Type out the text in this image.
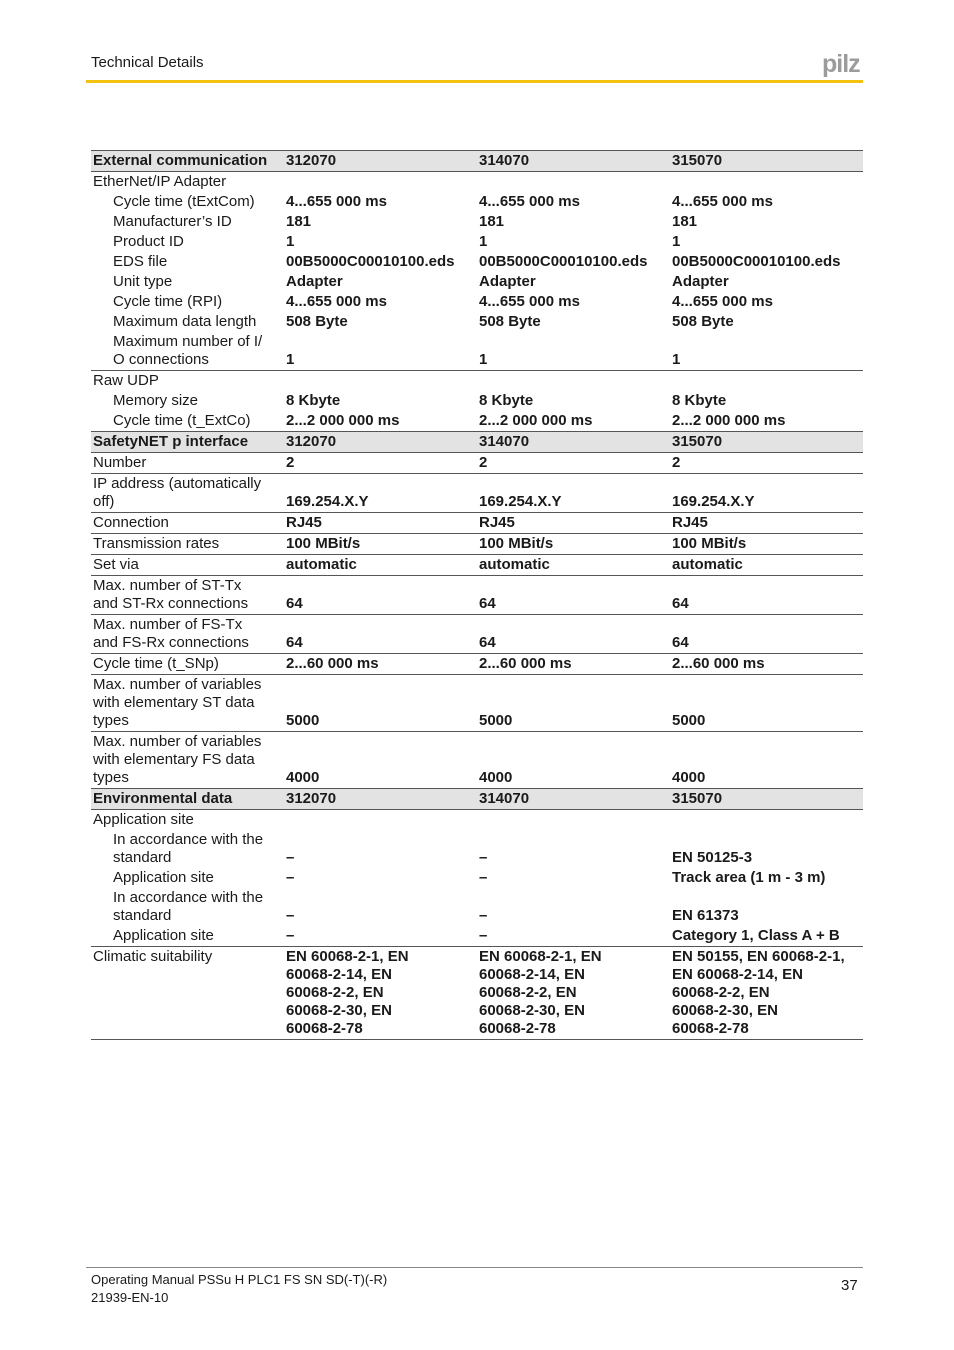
Technical Details	pilz
External communication	312070	314070	315070
EtherNet/IP Adapter			
Cycle time (tExtCom)	4...655 000 ms	4...655 000 ms	4...655 000 ms
Manufacturer’s ID	181	181	181
Product ID	1	1	1
EDS file	00B5000C00010100.eds	00B5000C00010100.eds	00B5000C00010100.eds
Unit type	Adapter	Adapter	Adapter
Cycle time (RPI)	4...655 000 ms	4...655 000 ms	4...655 000 ms
Maximum data length	508 Byte	508 Byte	508 Byte
Maximum number of I/
O connections	1	1	1
Raw UDP			
Memory size	8 Kbyte	8 Kbyte	8 Kbyte
Cycle time (t_ExtCo)	2...2 000 000 ms	2...2 000 000 ms	2...2 000 000 ms
SafetyNET p interface	312070	314070	315070
Number	2	2	2
IP address (automatically
off)	169.254.X.Y	169.254.X.Y	169.254.X.Y
Connection	RJ45	RJ45	RJ45
Transmission rates	100 MBit/s	100 MBit/s	100 MBit/s
Set via	automatic	automatic	automatic
Max. number of ST-Tx
and ST-Rx connections	64	64	64
Max. number of FS-Tx
and FS-Rx connections	64	64	64
Cycle time (t_SNp)	2...60 000 ms	2...60 000 ms	2...60 000 ms
Max. number of variables
with elementary ST data
types	5000	5000	5000
Max. number of variables
with elementary FS data
types	4000	4000	4000
Environmental data	312070	314070	315070
Application site			
In accordance with the
standard	–	–	EN 50125-3
Application site	–	–	Track area (1 m - 3 m)
In accordance with the
standard	–	–	EN 61373
Application site	–	–	Category 1, Class A + B
Climatic suitability	EN 60068-2-1, EN
60068-2-14, EN
60068-2-2, EN
60068-2-30, EN
60068-2-78	EN 60068-2-1, EN
60068-2-14, EN
60068-2-2, EN
60068-2-30, EN
60068-2-78	EN 50155, EN 60068-2-1,
EN 60068-2-14, EN
60068-2-2, EN
60068-2-30, EN
60068-2-78
Operating Manual PSSu H PLC1 FS SN SD(-T)(-R)
21939-EN-10
37
